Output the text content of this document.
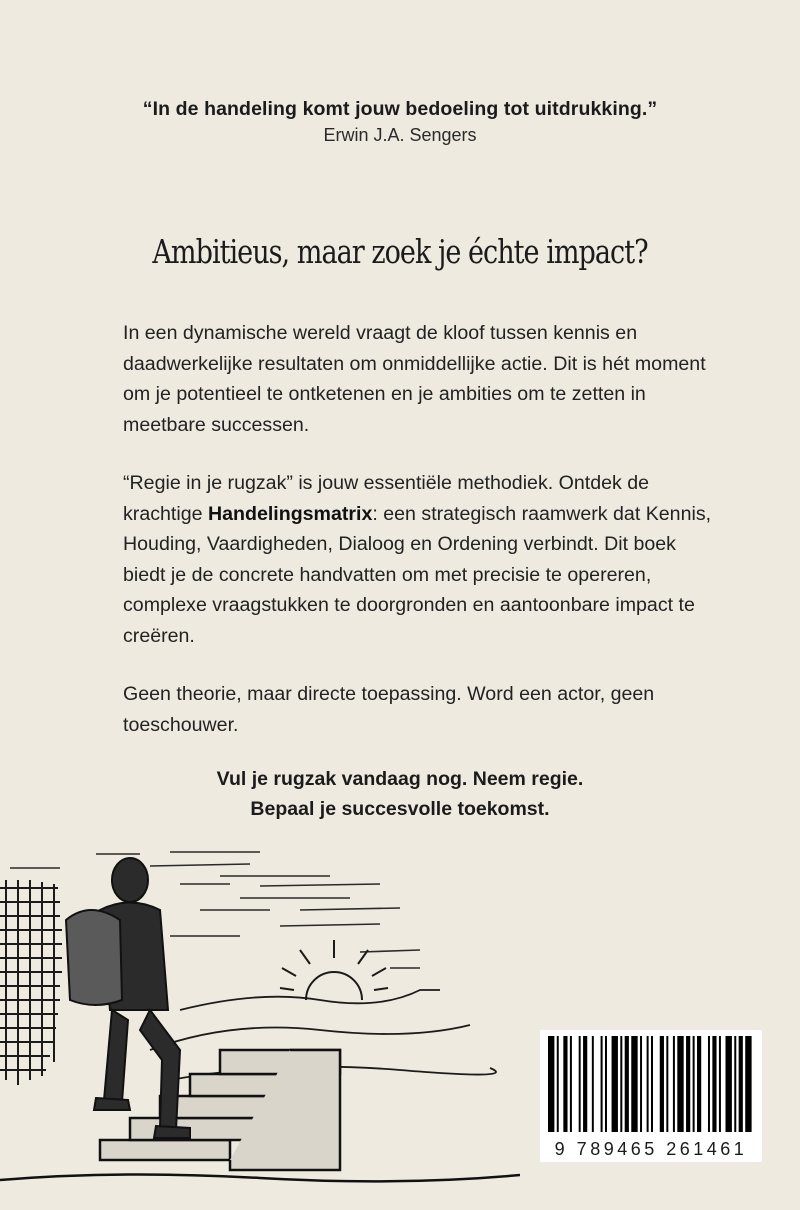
“In de handeling komt jouw bedoeling tot uitdrukking.”
Erwin J.A. Sengers
Ambitieus, maar zoek je échte impact?

In een dynamische wereld vraagt de kloof tussen kennis en daadwerkelijke resultaten om onmiddellijke actie. Dit is hét moment om je potentieel te ontketenen en je ambities om te zetten in meetbare successen.

“Regie in je rugzak” is jouw essentiële methodiek. Ontdek de krachtige Handelingsmatrix: een strategisch raamwerk dat Kennis, Houding, Vaardigheden, Dialoog en Ordening verbindt. Dit boek biedt je de concrete handvatten om met precisie te opereren, complexe vraagstukken te doorgronden en aantoonbare impact te creëren.

Geen theorie, maar directe toepassing. Word een actor, geen toeschouwer.

Vul je rugzak vandaag nog. Neem regie.
Bepaal je succesvolle toekomst.
9 789465 261461
